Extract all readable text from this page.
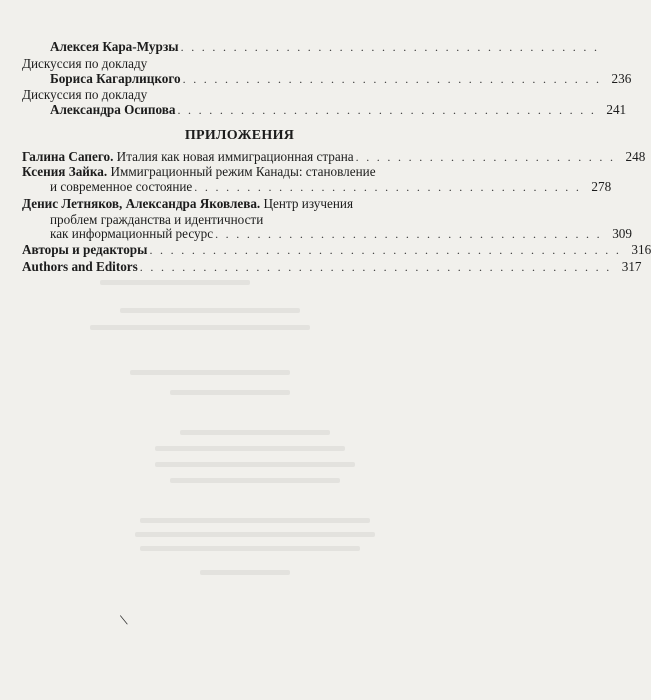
Алексея Кара-Мурзы . . . . . . . . . . . . . . . . . . . . . . . . . . . . . . . . . . . . . . . .
Дискуссия по докладу
Бориса Кагарлицкого . . . . . . . . . . . . . . . . . . . . . . . . . . . . . . . . . . . . . . . . 236
Дискуссия по докладу
Александра Осипова . . . . . . . . . . . . . . . . . . . . . . . . . . . . . . . . . . . . . . . . 241
ПРИЛОЖЕНИЯ
Галина Сапего. Италия как новая иммиграционная страна . . . . . . . . . . . . . . . . . . . . . . . . . 248
Ксения Зайка. Иммиграционный режим Канады: становление
и современное состояние . . . . . . . . . . . . . . . . . . . . . . . . . . . . . . . . . . . . . 278
Денис Летняков, Александра Яковлева. Центр изучения
проблем гражданства и идентичности
как информационный ресурс . . . . . . . . . . . . . . . . . . . . . . . . . . . . . . . . . . . . . 309
Авторы и редакторы . . . . . . . . . . . . . . . . . . . . . . . . . . . . . . . . . . . . . . . . . . . . . 316
Authors and Editors . . . . . . . . . . . . . . . . . . . . . . . . . . . . . . . . . . . . . . . . . . . . . 317
\
